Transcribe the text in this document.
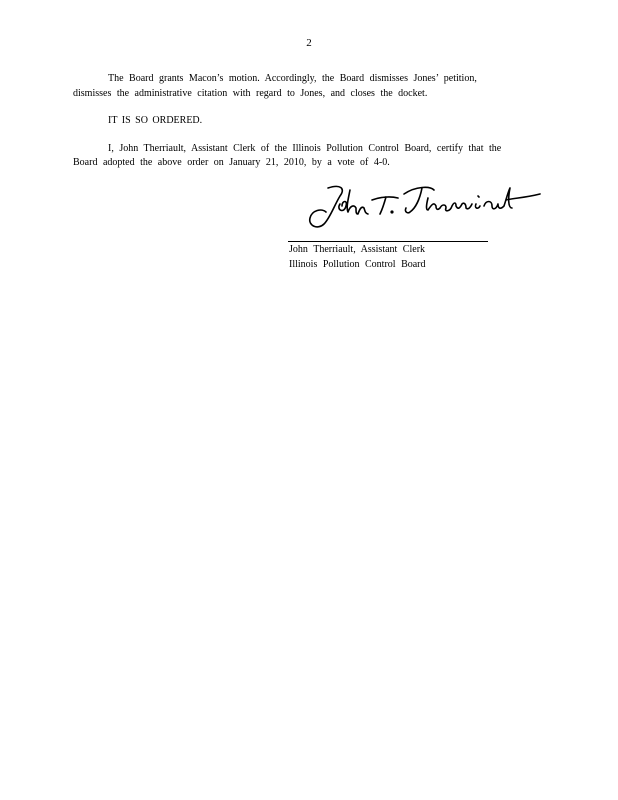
2
The Board grants Macon’s motion. Accordingly, the Board dismisses Jones’ petition,
dismisses the administrative citation with regard to Jones, and closes the docket.
IT IS SO ORDERED.
I, John Therriault, Assistant Clerk of the Illinois Pollution Control Board, certify that the
Board adopted the above order on January 21, 2010, by a vote of 4-0.
John Therriault, Assistant Clerk
Illinois Pollution Control Board
